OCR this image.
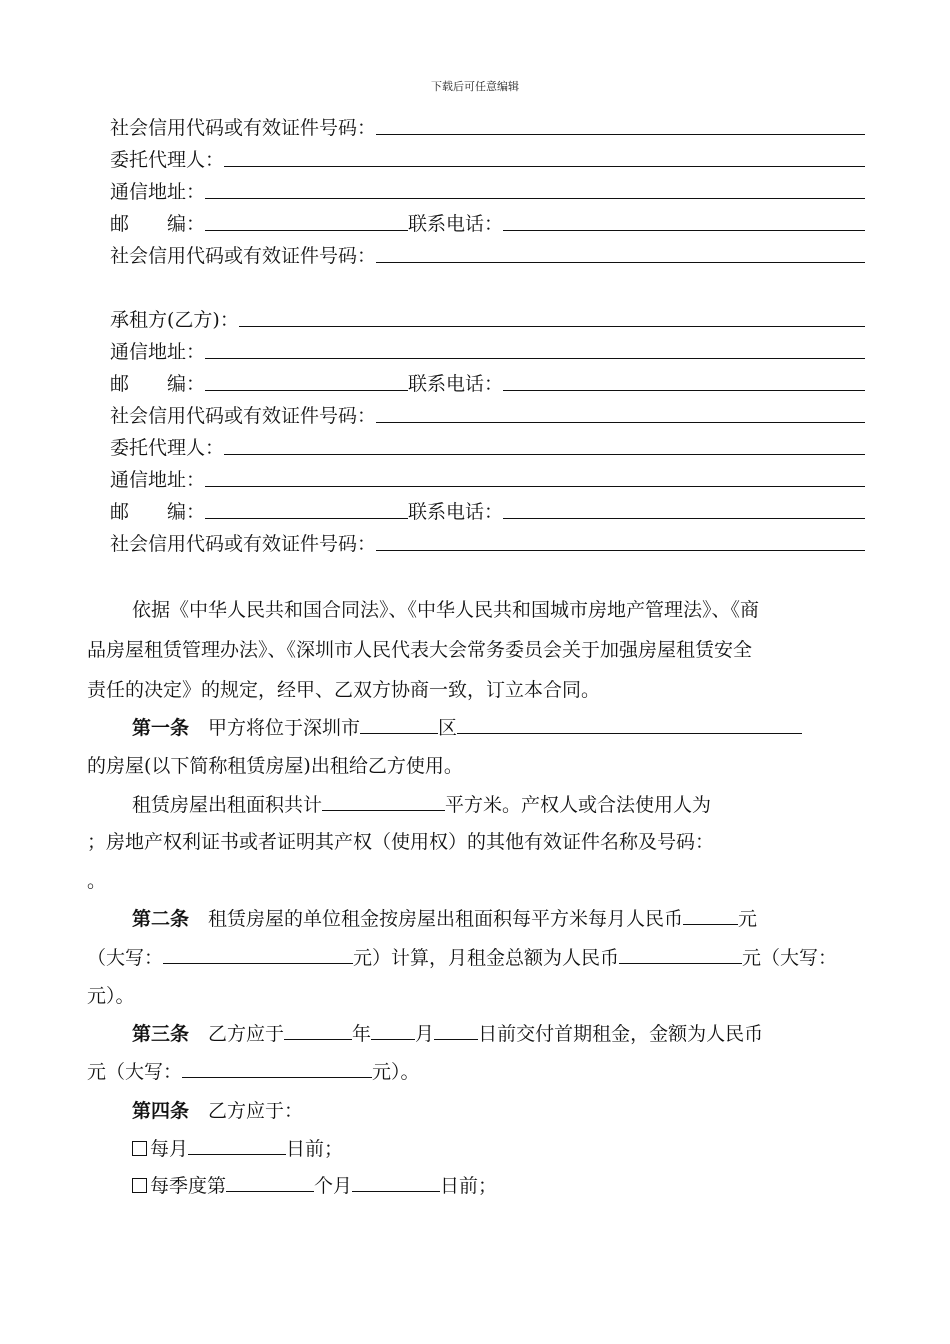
下载后可任意编辑
社会信用代码或有效证件号码：
委托代理人：
通信地址：
邮　　编：	联系电话：
社会信用代码或有效证件号码：
承租方(乙方)：
通信地址：
邮　　编：	联系电话：
社会信用代码或有效证件号码：
委托代理人：
通信地址：
邮　　编：	联系电话：
社会信用代码或有效证件号码：
依据《中华人民共和国合同法》、《中华人民共和国城市房地产管理法》、《商
品房屋租赁管理办法》、《深圳市人民代表大会常务委员会关于加强房屋租赁安全
责任的决定》的规定，经甲、乙双方协商一致，订立本合同。
第一条  甲方将位于深圳市	区
的房屋(以下简称租赁房屋)出租给乙方使用。
租赁房屋出租面积共计	平方米。产权人或合法使用人为
；房地产权利证书或者证明其产权（使用权）的其他有效证件名称及号码：
。
第二条  租赁房屋的单位租金按房屋出租面积每平方米每月人民币	元
（大写：	元）计算，月租金总额为人民币	元（大写：
元）。
第三条  乙方应于	年 月 日前交付首期租金，金额为人民币
元（大写：	元）。
第四条  乙方应于：
每月	日前；
每季度第	个月	日前；
